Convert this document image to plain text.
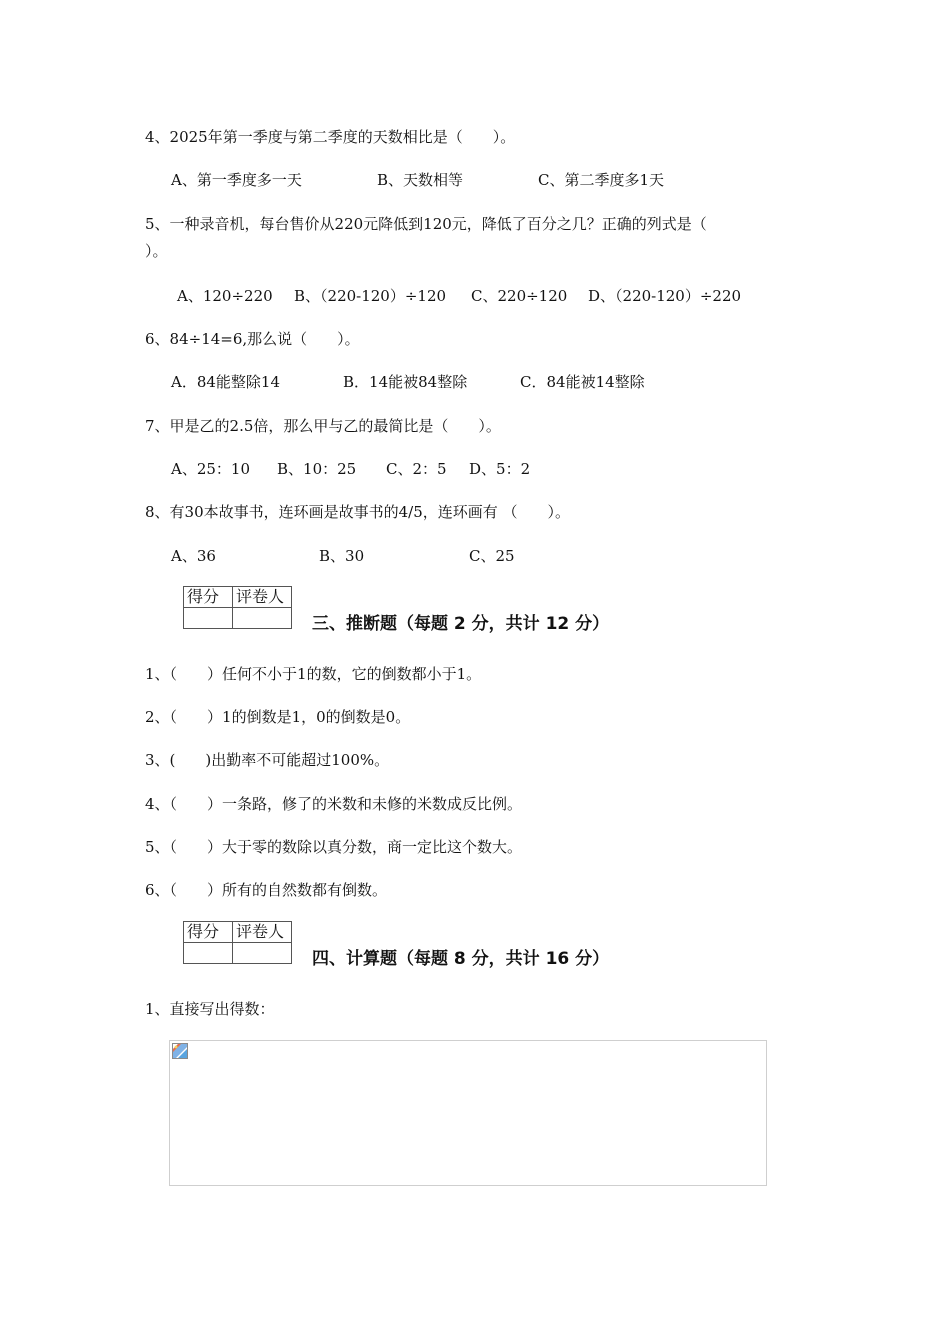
4、2025年第一季度与第二季度的天数相比是（　　）。
A、第一季度多一天	B、天数相等	C、第二季度多1天
5、一种录音机，每台售价从220元降低到120元，降低了百分之几？正确的列式是（
）。
A、120÷220 B、（220-120）÷120 C、220÷120 D、（220-120）÷220
6、84÷14=6,那么说（　　）。
A．84能整除14	B．14能被84整除	C．84能被14整除
7、甲是乙的2.5倍，那么甲与乙的最简比是（　　）。
A、25：10 B、10：25 C、2：5 D、5：2
8、有30本故事书，连环画是故事书的4/5，连环画有 （　　）。
A、36	B、30	C、25
得分	评卷人

三、推断题（每题 2 分，共计 12 分）
1、（　　）任何不小于1的数，它的倒数都小于1。
2、（　　）1的倒数是1，0的倒数是0。
3、(　　)出勤率不可能超过100%。
4、（　　）一条路，修了的米数和未修的米数成反比例。
5、（　　）大于零的数除以真分数，商一定比这个数大。
6、（　　）所有的自然数都有倒数。
得分	评卷人

四、计算题（每题 8 分，共计 16 分）
1、直接写出得数：
